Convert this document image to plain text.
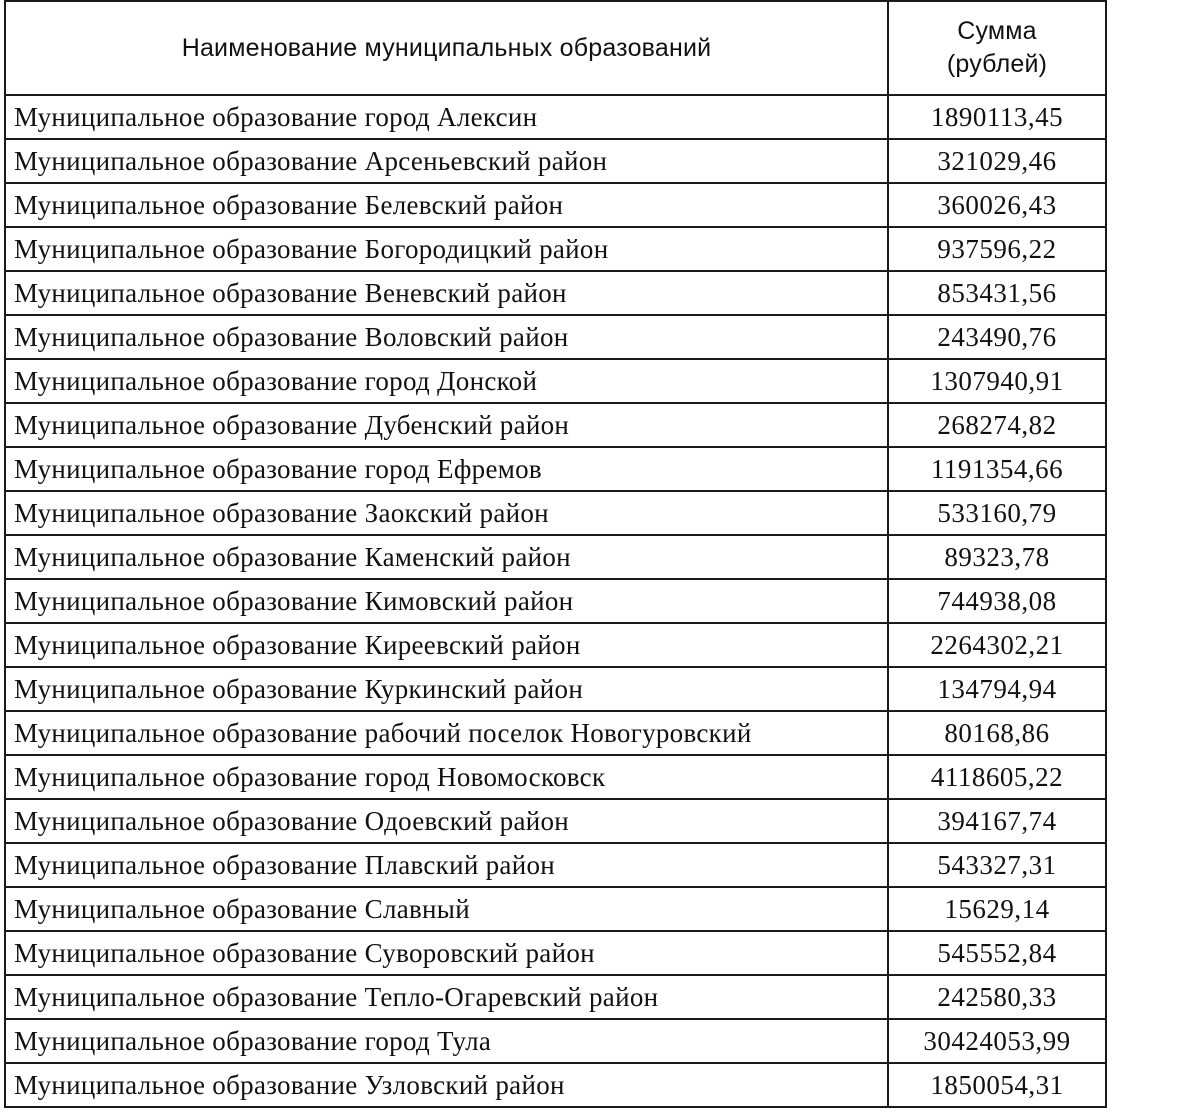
Наименование муниципальных образований	Сумма
(рублей)
Муниципальное образование город Алексин	1890113,45
Муниципальное образование Арсеньевский район	321029,46
Муниципальное образование Белевский район	360026,43
Муниципальное образование Богородицкий район	937596,22
Муниципальное образование Веневский район	853431,56
Муниципальное образование Воловский район	243490,76
Муниципальное образование город Донской	1307940,91
Муниципальное образование Дубенский район	268274,82
Муниципальное образование город Ефремов	1191354,66
Муниципальное образование Заокский район	533160,79
Муниципальное образование Каменский район	89323,78
Муниципальное образование Кимовский район	744938,08
Муниципальное образование Киреевский район	2264302,21
Муниципальное образование Куркинский район	134794,94
Муниципальное образование рабочий поселок Новогуровский	80168,86
Муниципальное образование город Новомосковск	4118605,22
Муниципальное образование Одоевский район	394167,74
Муниципальное образование Плавский район	543327,31
Муниципальное образование Славный	15629,14
Муниципальное образование Суворовский район	545552,84
Муниципальное образование Тепло-Огаревский район	242580,33
Муниципальное образование город Тула	30424053,99
Муниципальное образование Узловский район	1850054,31
